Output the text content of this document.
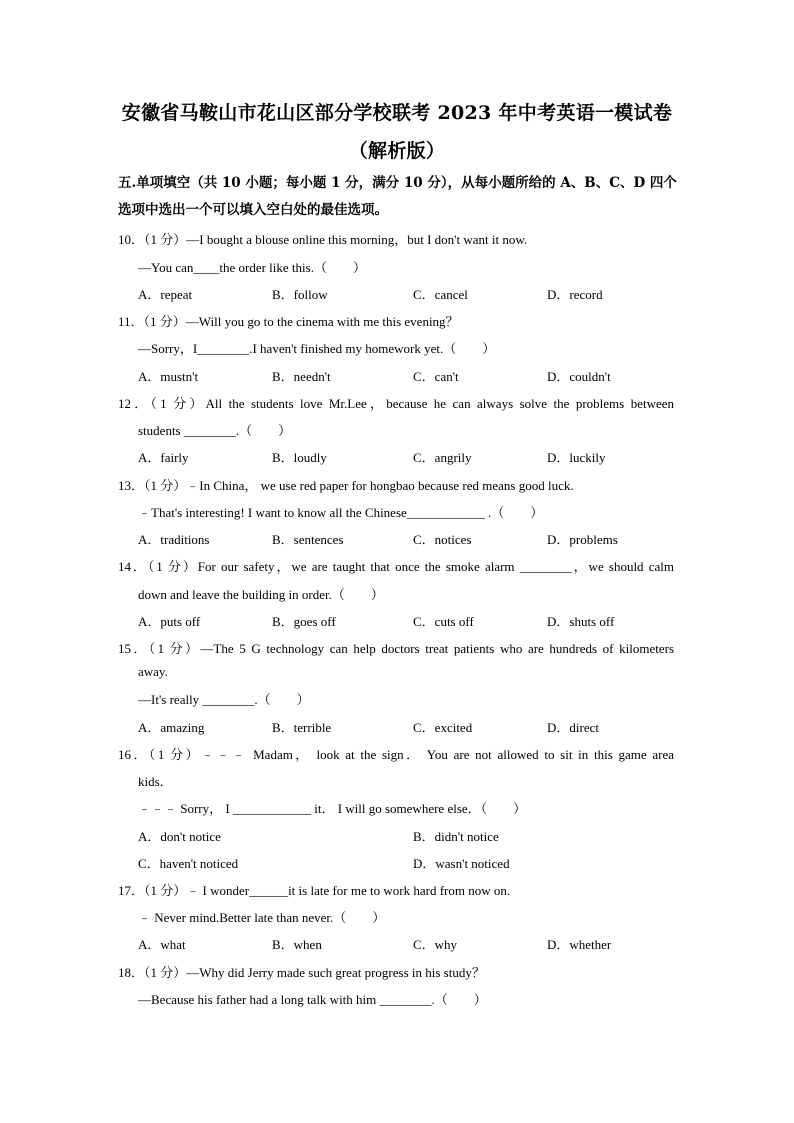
安徽省马鞍山市花山区部分学校联考 2023 年中考英语一模试卷
（解析版）
五.单项填空（共 10 小题；每小题 1 分，满分 10 分），从每小题所给的 A、B、C、D 四个选项中选出一个可以填入空白处的最佳选项。
10．（1 分）—I bought a blouse online this morning，but I don't want it now.
—You can____the order like this.（　　）
A．repeat	B．follow	C．cancel	D．record
11．（1 分）—Will you go to the cinema with me this evening？
—Sorry，I________.I haven't finished my homework yet.（　　）
A．mustn't	B．needn't	C．can't	D．couldn't
12．（1 分）All the students love Mr.Lee，because he can always solve the problems between
students ________.（　　）
A．fairly	B．loudly	C．angrily	D．luckily
13．（1 分）﹣In China， we use red paper for hongbao because red means good luck.
﹣That's interesting! I want to know all the Chinese____________ .（　　）
A．traditions	B．sentences	C．notices	D．problems
14．（1 分）For our safety，we are taught that once the smoke alarm ________，we should calm
down and leave the building in order.（　　）
A．puts off	B．goes off	C．cuts off	D．shuts off
15．（1 分）—The 5 G technology can help doctors treat patients who are hundreds of kilometers
away.
—It's really ________.（　　）
A．amazing	B．terrible	C．excited	D．direct
16．（1 分）﹣﹣﹣ Madam， look at the sign． You are not allowed to sit in this game area
kids．
﹣﹣﹣ Sorry， I ____________ it． I will go somewhere else．（　　）
A．don't notice	B．didn't notice
C．haven't noticed	D．wasn't noticed
17．（1 分）﹣ I wonder______it is late for me to work hard from now on.
﹣ Never mind.Better late than never.（　　）
A．what	B．when	C．why	D．whether
18．（1 分）—Why did Jerry made such great progress in his study？
—Because his father had a long talk with him ________.（　　）
